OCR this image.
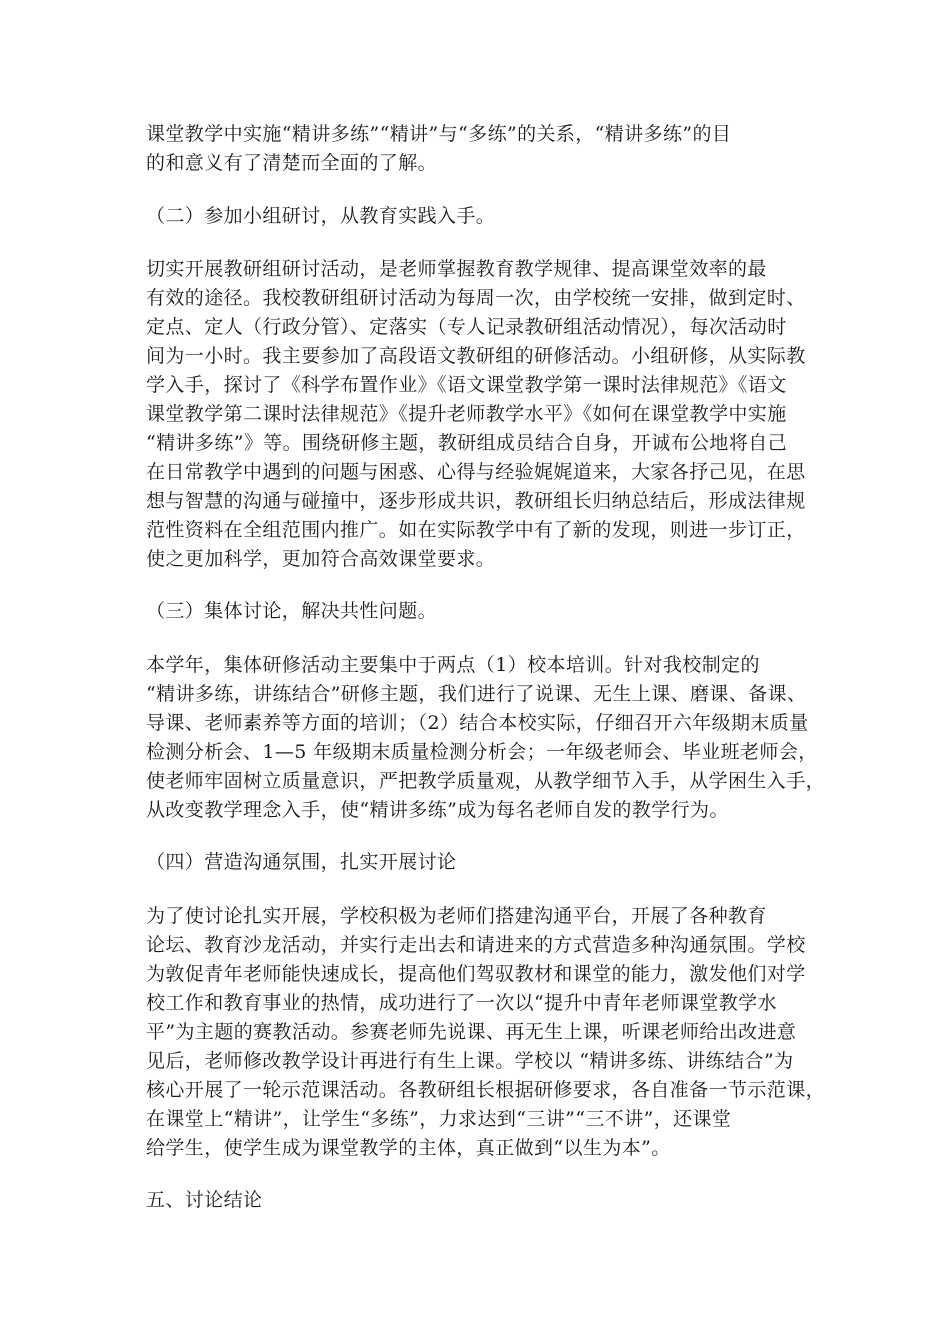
课堂教学中实施“精讲多练”“精讲”与“多练”的关系，“精讲多练”的目
的和意义有了清楚而全面的了解。
（二）参加小组研讨，从教育实践入手。
切实开展教研组研讨活动，是老师掌握教育教学规律、提高课堂效率的最
有效的途径。我校教研组研讨活动为每周一次，由学校统一安排，做到定时、
定点、定人（行政分管）、定落实（专人记录教研组活动情况），每次活动时
间为一小时。我主要参加了高段语文教研组的研修活动。小组研修，从实际教
学入手，探讨了《科学布置作业》《语文课堂教学第一课时法律规范》《语文
课堂教学第二课时法律规范》《提升老师教学水平》《如何在课堂教学中实施
“精讲多练”》等。围绕研修主题，教研组成员结合自身，开诚布公地将自己
在日常教学中遇到的问题与困惑、心得与经验娓娓道来，大家各抒己见，在思
想与智慧的沟通与碰撞中，逐步形成共识，教研组长归纳总结后，形成法律规
范性资料在全组范围内推广。如在实际教学中有了新的发现，则进一步订正，
使之更加科学，更加符合高效课堂要求。
（三）集体讨论，解决共性问题。
本学年，集体研修活动主要集中于两点（1）校本培训。针对我校制定的
“精讲多练，讲练结合”研修主题，我们进行了说课、无生上课、磨课、备课、
导课、老师素养等方面的培训；（2）结合本校实际，仔细召开六年级期末质量
检测分析会、1—5 年级期末质量检测分析会；一年级老师会、毕业班老师会，
使老师牢固树立质量意识，严把教学质量观，从教学细节入手，从学困生入手，
从改变教学理念入手，使“精讲多练”成为每名老师自发的教学行为。
（四）营造沟通氛围，扎实开展讨论
为了使讨论扎实开展，学校积极为老师们搭建沟通平台，开展了各种教育
论坛、教育沙龙活动，并实行走出去和请进来的方式营造多种沟通氛围。学校
为敦促青年老师能快速成长，提高他们驾驭教材和课堂的能力，激发他们对学
校工作和教育事业的热情，成功进行了一次以“提升中青年老师课堂教学水
平”为主题的赛教活动。参赛老师先说课、再无生上课，听课老师给出改进意
见后，老师修改教学设计再进行有生上课。学校以 “精讲多练、讲练结合”为
核心开展了一轮示范课活动。各教研组长根据研修要求，各自准备一节示范课，
在课堂上“精讲”，让学生“多练”，力求达到“三讲”“三不讲”，还课堂
给学生，使学生成为课堂教学的主体，真正做到“以生为本”。
五、讨论结论
